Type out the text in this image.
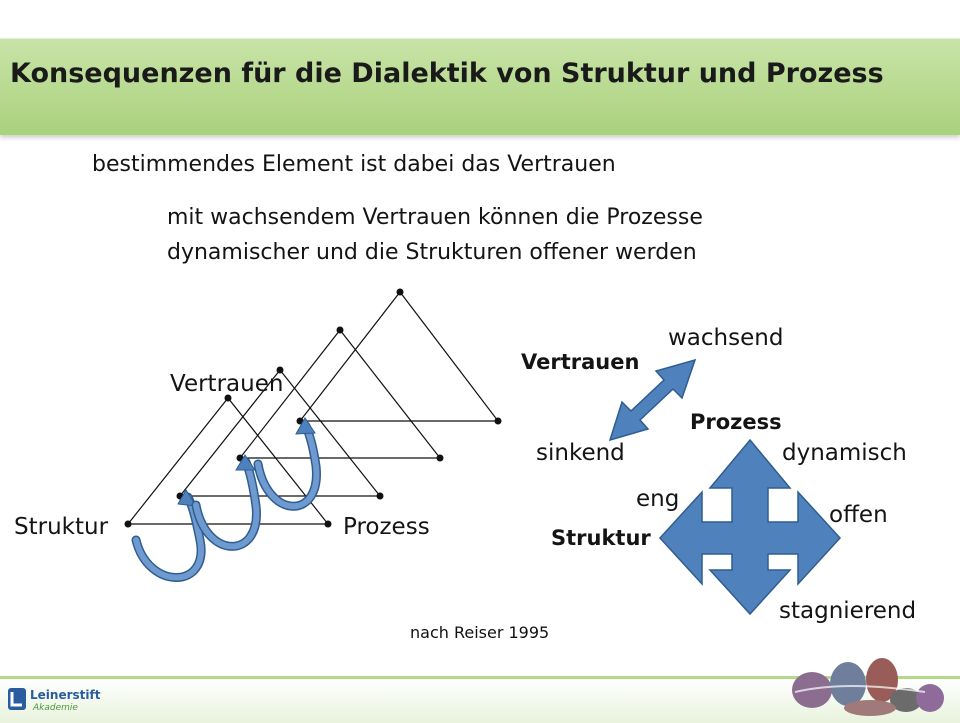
Konsequenzen für die Dialektik von Struktur und Prozess
bestimmendes Element ist dabei das Vertrauen
mit wachsendem Vertrauen können die Prozesse
dynamischer und die Strukturen offener werden
Vertrauen
Struktur	Prozess
wachsend
Vertrauen
Prozess
sinkend	dynamisch
eng
offen
Struktur
stagnierend
nach Reiser 1995
Leinerstift
Akademie
